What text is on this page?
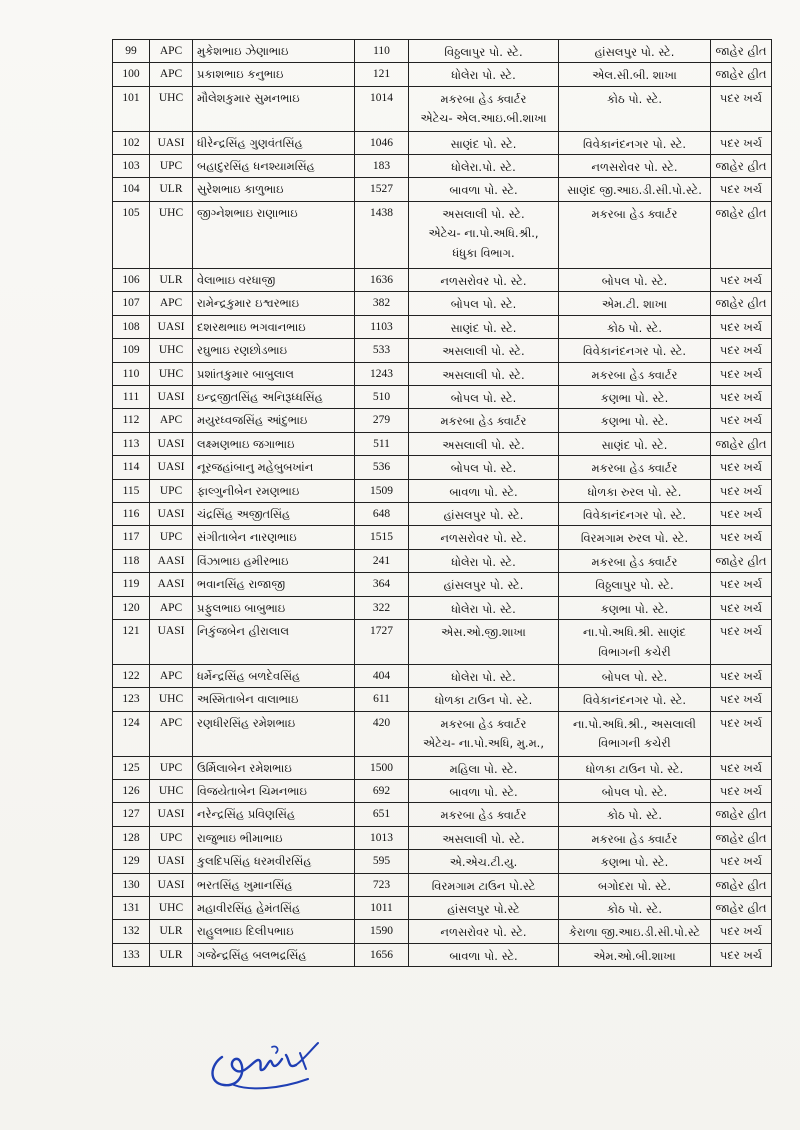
99	APC	મુકેશભાઇ ઝેણાભાઇ	110	વિઠ્ઠલાપુર પો. સ્ટે.	હાંસલપુર પો. સ્ટે.	જાહેર હીત
100	APC	પ્રકાશભાઇ કનુભાઇ	121	ધોલેરા પો. સ્ટે.	એલ.સી.બી. શાખા	જાહેર હીત
101	UHC	મૌલેશકુમાર સુમનભાઇ	1014	મકરબા હેડ ક્વાર્ટર
એટેચ- એલ.આઇ.બી.શાખા	કોઠ પો. સ્ટે.	પદર ખર્ચ
102	UASI	ધીરેન્દ્રસિંહ ગુણવંતસિંહ	1046	સાણંદ પો. સ્ટે.	વિવેકાનંદનગર પો. સ્ટે.	પદર ખર્ચ
103	UPC	બહાદુરસિંહ ધનશ્યામસિંહ	183	ધોલેરા.પો. સ્ટે.	નળસરોવર પો. સ્ટે.	જાહેર હીત
104	ULR	સુરેશભાઇ કાળુભાઇ	1527	બાવળા પો. સ્ટે.	સાણંદ જી.આઇ.ડી.સી.પો.સ્ટે.	પદર ખર્ચ
105	UHC	જીગ્નેશભાઇ રાણાભાઇ	1438	અસલાલી પો. સ્ટે.
એટેચ- ના.પો.અધિ.શ્રી.,
ધંધુકા વિભાગ.	મકરબા હેડ ક્વાર્ટર	જાહેર હીત
106	ULR	વેલાભાઇ વરધાજી	1636	નળસરોવર પો. સ્ટે.	બોપલ પો. સ્ટે.	પદર ખર્ચ
107	APC	રામેન્દ્રકુમાર ઇશ્વરભાઇ	382	બોપલ પો. સ્ટે.	એમ.ટી. શાખા	જાહેર હીત
108	UASI	દશરથભાઇ ભગવાનભાઇ	1103	સાણંદ પો. સ્ટે.	કોઠ પો. સ્ટે.	પદર ખર્ચ
109	UHC	રઘુભાઇ રણછોડભાઇ	533	અસલાલી પો. સ્ટે.	વિવેકાનંદનગર પો. સ્ટે.	પદર ખર્ચ
110	UHC	પ્રશાંતકુમાર બાબુલાલ	1243	અસલાલી પો. સ્ટે.	મકરબા હેડ ક્વાર્ટર	પદર ખર્ચ
111	UASI	ઇન્દ્રજીતસિંહ અનિરૂધ્ધસિંહ	510	બોપલ પો. સ્ટે.	કણભા પો. સ્ટે.	પદર ખર્ચ
112	APC	મયુરધ્વજસિંહ આંદુભાઇ	279	મકરબા હેડ ક્વાર્ટર	કણભા પો. સ્ટે.	પદર ખર્ચ
113	UASI	લક્ષ્મણભાઇ જગાભાઇ	511	અસલાલી પો. સ્ટે.	સાણંદ પો. સ્ટે.	જાહેર હીત
114	UASI	નૂરજહાંબાનુ મહેબુબખાંન	536	બોપલ પો. સ્ટે.	મકરબા હેડ ક્વાર્ટર	પદર ખર્ચ
115	UPC	ફાલ્ગુનીબેન રમણભાઇ	1509	બાવળા પો. સ્ટે.	ધોળકા રુરલ પો. સ્ટે.	પદર ખર્ચ
116	UASI	ચંદ્રસિંહ અજીતસિંહ	648	હાંસલપુર પો. સ્ટે.	વિવેકાનંદનગર પો. સ્ટે.	પદર ખર્ચ
117	UPC	સંગીતાબેન નારણભાઇ	1515	નળસરોવર પો. સ્ટે.	વિરમગામ રુરલ પો. સ્ટે.	પદર ખર્ચ
118	AASI	વિંઝાભાઇ હમીરભાઇ	241	ધોલેરા પો. સ્ટે.	મકરબા હેડ ક્વાર્ટર	જાહેર હીત
119	AASI	ભવાનસિંહ રાજાજી	364	હાંસલપુર પો. સ્ટે.	વિઠ્ઠલાપુર પો. સ્ટે.	પદર ખર્ચ
120	APC	પ્રફુલભાઇ બાબુભાઇ	322	ધોલેરા પો. સ્ટે.	કણભા પો. સ્ટે.	પદર ખર્ચ
121	UASI	નિકુંજબેન હીરાલાલ	1727	એસ.ઓ.જી.શાખા	ના.પો.અધિ.શ્રી. સાણંદ
વિભાગની કચેરી	પદર ખર્ચ
122	APC	ધર્મેન્દ્રસિંહ બળદેવસિંહ	404	ધોલેરા પો. સ્ટે.	બોપલ પો. સ્ટે.	પદર ખર્ચ
123	UHC	અસ્મિતાબેન વાલાભાઇ	611	ધોળકા ટાઉન પો. સ્ટે.	વિવેકાનંદનગર પો. સ્ટે.	પદર ખર્ચ
124	APC	રણધીરસિંહ રમેશભાઇ	420	મકરબા હેડ ક્વાર્ટર
એટેચ- ના.પો.અધિ, મુ.મ.,	ના.પો.અધિ.શ્રી., અસલાલી
વિભાગની કચેરી	પદર ખર્ચ
125	UPC	ઉર્મિલાબેન રમેશભાઇ	1500	મહિલા પો. સ્ટે.	ધોળકા ટાઉન પો. સ્ટે.	પદર ખર્ચ
126	UHC	વિજયેતાબેન ચિમનભાઇ	692	બાવળા પો. સ્ટે.	બોપલ પો. સ્ટે.	પદર ખર્ચ
127	UASI	નરેન્દ્રસિંહ પ્રવિણસિંહ	651	મકરબા હેડ ક્વાર્ટર	કોઠ પો. સ્ટે.	જાહેર હીત
128	UPC	રાજુભાઇ ભીમાભાઇ	1013	અસલાલી પો. સ્ટે.	મકરબા હેડ ક્વાર્ટર	જાહેર હીત
129	UASI	કુલદિપસિંહ ધરમવીરસિંહ	595	એ.એચ.ટી.યુ.	કણભા પો. સ્ટે.	પદર ખર્ચ
130	UASI	ભરતસિંહ ખુમાનસિંહ	723	વિરમગામ ટાઉન પો.સ્ટે	બગોદરા પો. સ્ટે.	જાહેર હીત
131	UHC	મહાવીરસિંહ હેમંતસિંહ	1011	હાંસલપુર પો.સ્ટે	કોઠ પો. સ્ટે.	જાહેર હીત
132	ULR	રાહુલભાઇ દિલીપભાઇ	1590	નળસરોવર પો. સ્ટે.	કેરાળા જી.આઇ.ડી.સી.પો.સ્ટે	પદર ખર્ચ
133	ULR	ગજેન્દ્રસિંહ બલભદ્રસિંહ	1656	બાવળા પો. સ્ટે.	એમ.ઓ.બી.શાખા	પદર ખર્ચ
